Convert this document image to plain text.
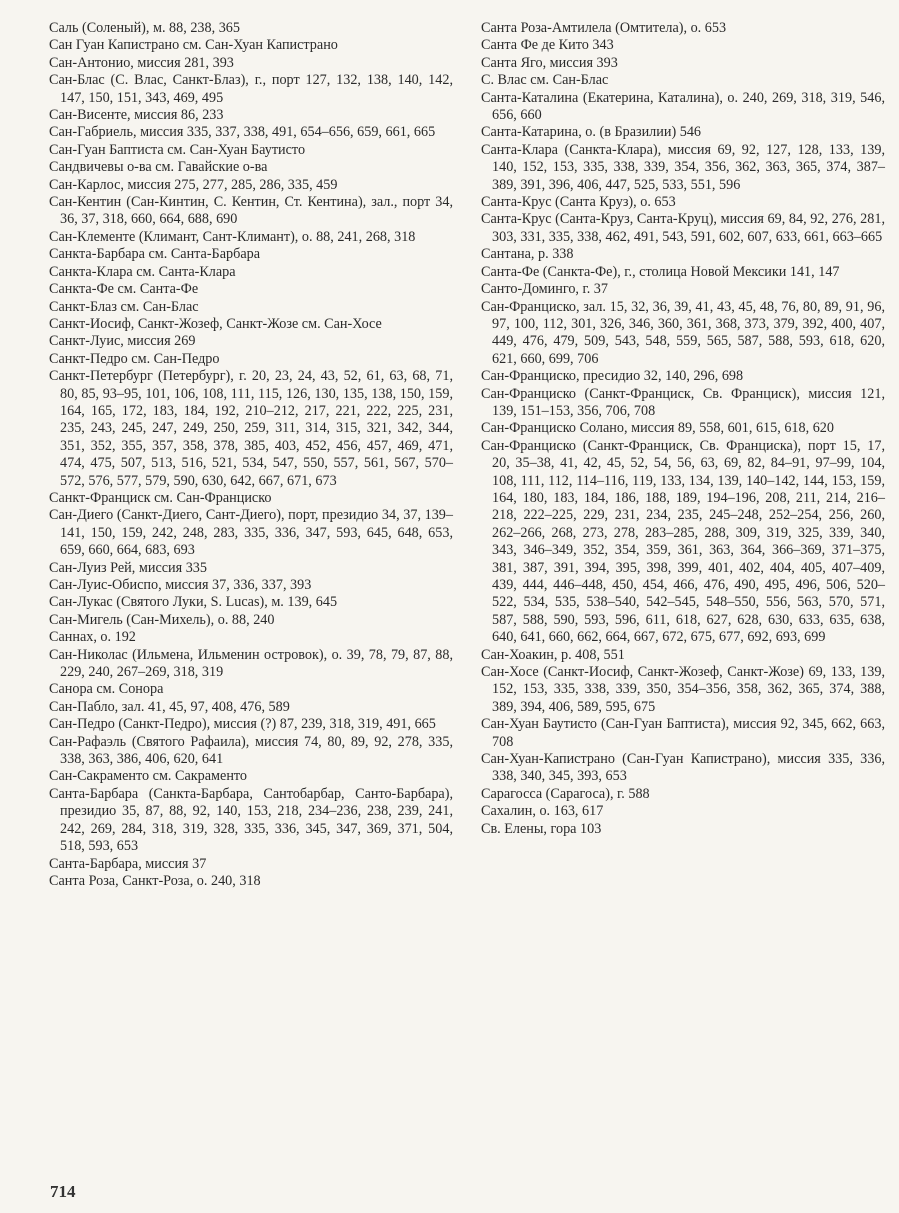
Саль (Соленый), м. 88, 238, 365

Сан Гуан Капистрано см. Сан-Хуан Капистрано

Сан-Антонио, миссия 281, 393

Сан-Блас (С. Влас, Санкт-Блаз), г., порт 127, 132, 138, 140, 142, 147, 150, 151, 343, 469, 495

Сан-Висенте, миссия 86, 233

Сан-Габриель, миссия 335, 337, 338, 491, 654–656, 659, 661, 665

Сан-Гуан Баптиста см. Сан-Хуан Баутисто

Сандвичевы о-ва см. Гавайские о-ва

Сан-Карлос, миссия 275, 277, 285, 286, 335, 459

Сан-Кентин (Сан-Кинтин, С. Кентин, Ст. Кентина), зал., порт 34, 36, 37, 318, 660, 664, 688, 690

Сан-Клементе (Климант, Сант-Климант), о. 88, 241, 268, 318

Санкта-Барбара см. Санта-Барбара

Санкта-Клара см. Санта-Клара

Санкта-Фе см. Санта-Фе

Санкт-Блаз см. Сан-Блас

Санкт-Иосиф, Санкт-Жозеф, Санкт-Жозе см. Сан-Хосе

Санкт-Луис, миссия 269

Санкт-Педро см. Сан-Педро

Санкт-Петербург (Петербург), г. 20, 23, 24, 43, 52, 61, 63, 68, 71, 80, 85, 93–95, 101, 106, 108, 111, 115, 126, 130, 135, 138, 150, 159, 164, 165, 172, 183, 184, 192, 210–212, 217, 221, 222, 225, 231, 235, 243, 245, 247, 249, 250, 259, 311, 314, 315, 321, 342, 344, 351, 352, 355, 357, 358, 378, 385, 403, 452, 456, 457, 469, 471, 474, 475, 507, 513, 516, 521, 534, 547, 550, 557, 561, 567, 570–572, 576, 577, 579, 590, 630, 642, 667, 671, 673

Санкт-Франциск см. Сан-Франциско

Сан-Диего (Санкт-Диего, Сант-Диего), порт, президио 34, 37, 139–141, 150, 159, 242, 248, 283, 335, 336, 347, 593, 645, 648, 653, 659, 660, 664, 683, 693

Сан-Луиз Рей, миссия 335

Сан-Луис-Обиспо, миссия 37, 336, 337, 393

Сан-Лукас (Святого Луки, S. Lucas), м. 139, 645

Сан-Мигель (Сан-Михель), о. 88, 240

Саннах, о. 192

Сан-Николас (Ильмена, Ильменин островок), о. 39, 78, 79, 87, 88, 229, 240, 267–269, 318, 319

Санора см. Сонора

Сан-Пабло, зал. 41, 45, 97, 408, 476, 589

Сан-Педро (Санкт-Педро), миссия (?) 87, 239, 318, 319, 491, 665

Сан-Рафаэль (Святого Рафаила), миссия 74, 80, 89, 92, 278, 335, 338, 363, 386, 406, 620, 641

Сан-Сакраменто см. Сакраменто

Санта-Барбара (Санкта-Барбара, Сантобарбар, Санто-Барбара), президио 35, 87, 88, 92, 140, 153, 218, 234–236, 238, 239, 241, 242, 269, 284, 318, 319, 328, 335, 336, 345, 347, 369, 371, 504, 518, 593, 653

Санта-Барбара, миссия 37

Санта Роза, Санкт-Роза, о. 240, 318

Санта Роза-Амтилела (Омтитела), о. 653

Санта Фе де Кито 343

Санта Яго, миссия 393

С. Влас см. Сан-Блас

Санта-Каталина (Екатерина, Каталина), о. 240, 269, 318, 319, 546, 656, 660

Санта-Катарина, о. (в Бразилии) 546

Санта-Клара (Санкта-Клара), миссия 69, 92, 127, 128, 133, 139, 140, 152, 153, 335, 338, 339, 354, 356, 362, 363, 365, 374, 387–389, 391, 396, 406, 447, 525, 533, 551, 596

Санта-Крус (Санта Круз), о. 653

Санта-Крус (Санта-Круз, Санта-Круц), миссия 69, 84, 92, 276, 281, 303, 331, 335, 338, 462, 491, 543, 591, 602, 607, 633, 661, 663–665

Сантана, р. 338

Санта-Фе (Санкта-Фе), г., столица Новой Мексики 141, 147

Санто-Доминго, г. 37

Сан-Франциско, зал. 15, 32, 36, 39, 41, 43, 45, 48, 76, 80, 89, 91, 96, 97, 100, 112, 301, 326, 346, 360, 361, 368, 373, 379, 392, 400, 407, 449, 476, 479, 509, 543, 548, 559, 565, 587, 588, 593, 618, 620, 621, 660, 699, 706

Сан-Франциско, пресидио 32, 140, 296, 698

Сан-Франциско (Санкт-Франциск, Св. Франциск), миссия 121, 139, 151–153, 356, 706, 708

Сан-Франциско Солано, миссия 89, 558, 601, 615, 618, 620

Сан-Франциско (Санкт-Франциск, Св. Франциска), порт 15, 17, 20, 35–38, 41, 42, 45, 52, 54, 56, 63, 69, 82, 84–91, 97–99, 104, 108, 111, 112, 114–116, 119, 133, 134, 139, 140–142, 144, 153, 159, 164, 180, 183, 184, 186, 188, 189, 194–196, 208, 211, 214, 216–218, 222–225, 229, 231, 234, 235, 245–248, 252–254, 256, 260, 262–266, 268, 273, 278, 283–285, 288, 309, 319, 325, 339, 340, 343, 346–349, 352, 354, 359, 361, 363, 364, 366–369, 371–375, 381, 387, 391, 394, 395, 398, 399, 401, 402, 404, 405, 407–409, 439, 444, 446–448, 450, 454, 466, 476, 490, 495, 496, 506, 520–522, 534, 535, 538–540, 542–545, 548–550, 556, 563, 570, 571, 587, 588, 590, 593, 596, 611, 618, 627, 628, 630, 633, 635, 638, 640, 641, 660, 662, 664, 667, 672, 675, 677, 692, 693, 699

Сан-Хоакин, р. 408, 551

Сан-Хосе (Санкт-Иосиф, Санкт-Жозеф, Санкт-Жозе) 69, 133, 139, 152, 153, 335, 338, 339, 350, 354–356, 358, 362, 365, 374, 388, 389, 394, 406, 589, 595, 675

Сан-Хуан Баутисто (Сан-Гуан Баптиста), миссия 92, 345, 662, 663, 708

Сан-Хуан-Капистрано (Сан-Гуан Капистрано), миссия 335, 336, 338, 340, 345, 393, 653

Сарагосса (Сарагоса), г. 588

Сахалин, о. 163, 617

Св. Елены, гора 103

714
